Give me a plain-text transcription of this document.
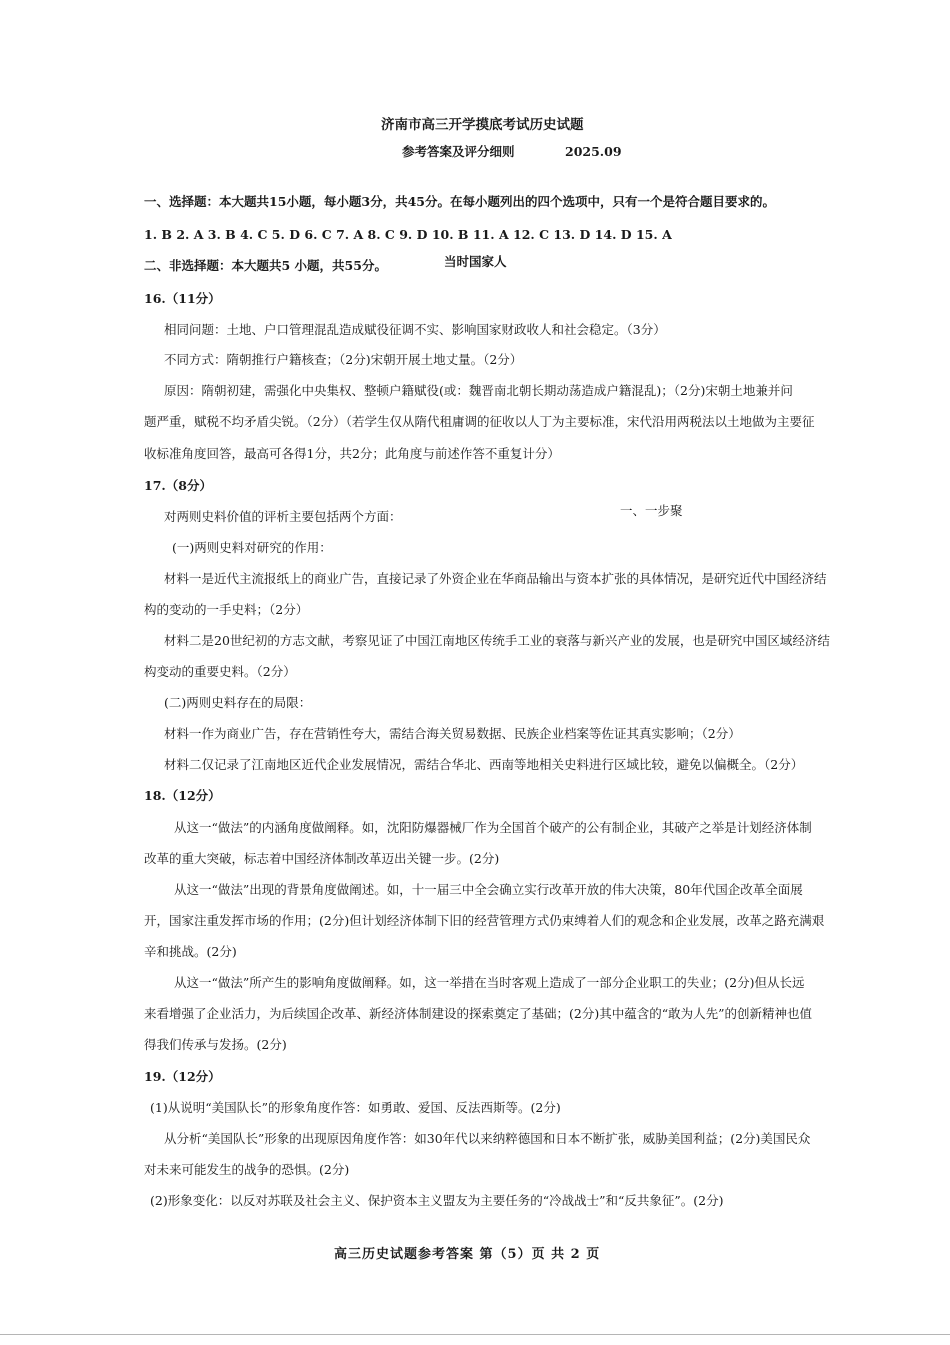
济南市高三开学摸底考试历史试题
参考答案及评分细则	2025.09
一、选择题：本大题共15小题，每小题3分，共45分。在每小题列出的四个选项中，只有一个是符合题目要求的。
1. B 2. A 3. B 4. C 5. D 6. C 7. A 8. C 9. D 10. B 11. A 12. C 13. D 14. D 15. A
二、非选择题：本大题共5 小题，共55分。	当时国家人
16.（11分）
相同问题：土地、户口管理混乱造成赋役征调不实、影响国家财政收人和社会稳定。（3分）
不同方式：隋朝推行户籍核查；（2分)宋朝开展土地丈量。（2分）
原因：隋朝初建，需强化中央集权、整顿户籍赋役(或：魏晋南北朝长期动荡造成户籍混乱)；（2分)宋朝土地兼并问
题严重，赋税不均矛盾尖锐。（2分）（若学生仅从隋代租庸调的征收以人丁为主要标准，宋代沿用两税法以土地做为主要征
收标准角度回答，最高可各得1分，共2分；此角度与前述作答不重复计分）
17.（8分）
对两则史料价值的评析主要包括两个方面：	一、一步聚
(一)两则史料对研究的作用：
材料一是近代主流报纸上的商业广告，直接记录了外资企业在华商品输出与资本扩张的具体情况，是研究近代中国经济结
构的变动的一手史料；（2分）
材料二是20世纪初的方志文献，考察见证了中国江南地区传统手工业的衰落与新兴产业的发展，也是研究中国区域经济结
构变动的重要史料。（2分）
(二)两则史料存在的局限：
材料一作为商业广告，存在营销性夸大，需结合海关贸易数据、民族企业档案等佐证其真实影响；（2分）
材料二仅记录了江南地区近代企业发展情况，需结合华北、西南等地相关史料进行区域比较，避免以偏概全。（2分）
18.（12分）
从这一“做法”的内涵角度做阐释。如，沈阳防爆器械厂作为全国首个破产的公有制企业，其破产之举是计划经济体制
改革的重大突破，标志着中国经济体制改革迈出关键一步。(2分)
从这一“做法”出现的背景角度做阐述。如，十一届三中全会确立实行改革开放的伟大决策，80年代国企改革全面展
开，国家注重发挥市场的作用；(2分)但计划经济体制下旧的经营管理方式仍束缚着人们的观念和企业发展，改革之路充满艰
辛和挑战。(2分)
从这一“做法”所产生的影响角度做阐释。如，这一举措在当时客观上造成了一部分企业职工的失业；(2分)但从长远
来看增强了企业活力，为后续国企改革、新经济体制建设的探索奠定了基础；(2分)其中蕴含的“敢为人先”的创新精神也值
得我们传承与发扬。(2分)
19.（12分）
(1)从说明“美国队长”的形象角度作答：如勇敢、爱国、反法西斯等。(2分)
从分析“美国队长”形象的出现原因角度作答：如30年代以来纳粹德国和日本不断扩张，威胁美国利益；(2分)美国民众
对未来可能发生的战争的恐惧。(2分)
(2)形象变化：以反对苏联及社会主义、保护资本主义盟友为主要任务的“冷战战士”和“反共象征”。(2分)
高三历史试题参考答案 第（5）页 共 2 页
